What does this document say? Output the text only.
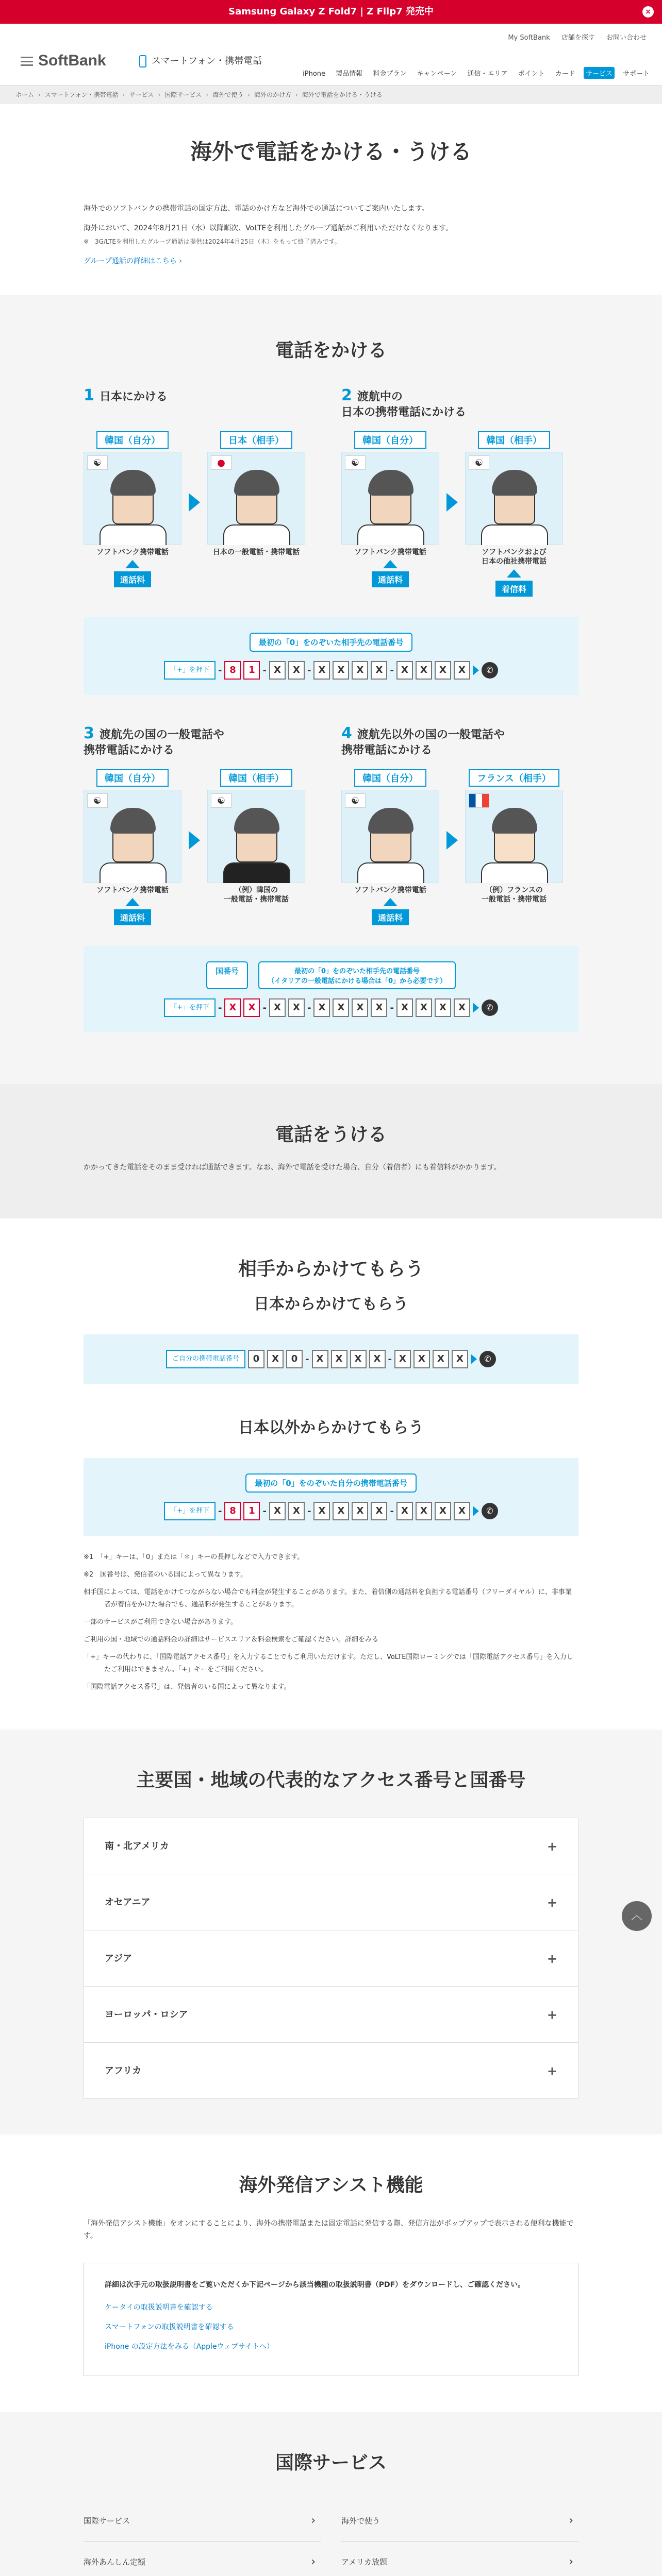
Samsung Galaxy Z Fold7 | Z Flip7 発売中	×
My SoftBank 店舗を探す お問い合わせ
SoftBank	スマートフォン・携帯電話
iPhone 製品情報 料金プラン キャンペーン 通信・エリア ポイント カード サービス サポート
ホーム › スマートフォン・携帯電話 › サービス › 国際サービス › 海外で使う › 海外のかけ方 › 海外で電話をかける・うける
海外で電話をかける・うける

海外でのソフトバンクの携帯電話の国定方法、電話のかけ方など海外での通話についてご案内いたします。

海外において、2024年8月21日（水）以降順次、VoLTEを利用したグループ通話がご利用いただけなくなります。

※　3G/LTEを利用したグループ通話は提供は2024年4月25日（木）をもって終了済みです。

グループ通話の詳細はこちら ›

電話をかける
1 日本にかける
韓国（自分）
☯
ソフトバンク携帯電話
通話料
日本（相手）
●
日本の一般電話・携帯電話
2 渡航中の
日本の携帯電話にかける
韓国（自分）
☯
ソフトバンク携帯電話
通話料
韓国（相手）
☯
ソフトバンクおよび
日本の他社携帯電話
着信料
最初の「0」をのぞいた相手先の電話番号
「+」を押下 - 8	1 - X	X - X	X	X	X - X	X	X	X	✆
3 渡航先の国の一般電話や
携帯電話にかける
韓国（自分）
☯
ソフトバンク携帯電話
通話料
韓国（相手）
☯
（例）韓国の
一般電話・携帯電話
4 渡航先以外の国の一般電話や
携帯電話にかける
韓国（自分）
☯
ソフトバンク携帯電話
通話料
フランス（相手）
（例）フランスの
一般電話・携帯電話
国番号	最初の「0」をのぞいた相手先の電話番号
（イタリアの一般電話にかける場合は「0」から必要です）
「+」を押下 - X	X - X	X - X	X	X	X - X	X	X	X	✆
電話をうける

かかってきた電話をそのまま受ければ通話できます。なお、海外で電話を受けた場合、自分（着信者）にも着信料がかかります。

相手からかけてもらう
日本からかけてもらう
ご自分の携帯電話番号	0	X	0 - X	X	X	X - X	X	X	X	✆
日本以外からかけてもらう
最初の「0」をのぞいた自分の携帯電話番号
「+」を押下 - 8	1 - X	X - X	X	X	X - X	X	X	X	✆
※1　「+」キーは、「0」または「＊」キーの長押しなどで入力できます。
※2　国番号は、発信者のいる国によって異なります。
相手国によっては、電話をかけてつながらない場合でも料金が発生することがあります。また、着信側の通話料を負担する電話番号（フリーダイヤル）に、非事業者が着信をかけた場合でも、通話料が発生することがあります。
一部のサービスがご利用できない場合があります。
ご利用の国・地域での通話料金の詳細はサービスエリア＆料金検索をご確認ください。詳細をみる
「+」キーの代わりに、「国際電話アクセス番号」を入力することでもご利用いただけます。ただし、VoLTE国際ローミングでは「国際電話アクセス番号」を入力したご利用はできません。「+」キーをご利用ください。
「国際電話アクセス番号」は、発信者のいる国によって異なります。
︿
主要国・地域の代表的なアクセス番号と国番号
南・北アメリカ +
オセアニア +
アジア +
ヨーロッパ・ロシア +
アフリカ +
海外発信アシスト機能

「海外発信アシスト機能」をオンにすることにより、海外の携帯電話または固定電話に発信する際、発信方法がポップアップで表示される便利な機能です。

詳細は次手元の取扱説明書をご覧いただくか下記ページから該当機種の取扱説明書（PDF）をダウンロードし、ご確認ください。

ケータイの取扱説明書を確認する
スマートフォンの取扱説明書を確認する
iPhone の設定方法をみる（Appleウェブサイトへ）
国際サービス
国際サービス ›	海外で使う ›
海外あんしん定額 ›	アメリカ放題 ›
